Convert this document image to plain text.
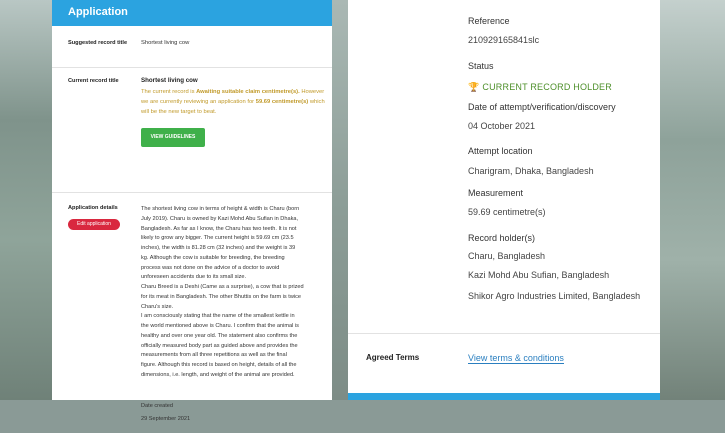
Application
Suggested record title Shortest living cow
Current record title	Shortest living cow
The current record is Awaiting suitable claim centimetre(s). However we are currently reviewing an application for 59.69 centimetre(s) which will be the new target to beat.
VIEW GUIDELINES
Application details
Edit application
The shortest living cow in terms of height & width is Charu (born
July 2019). Charu is owned by Kazi Mohd Abu Sufian in Dhaka,
Bangladesh. As far as I know, the Charu has two teeth. It is not
likely to grow any bigger. The current height is 59.69 cm (23.5
inches), the width is 81.28 cm (32 inches) and the weight is 39
kg. Although the cow is suitable for breeding, the breeding
process was not done on the advice of a doctor to avoid
unforeseen accidents due to its small size.
Charu Breed is a Deshi (Came as a surprise), a cow that is prized
for its meat in Bangladesh. The other Bhuttis on the farm is twice
Charu's size.
I am consciously stating that the name of the smallest kettle in
the world mentioned above is Charu. I confirm that the animal is
healthy and over one year old. The statement also confirms the
officially measured body part as guided above and provides the
measurements from all three repetitions as well as the final
figure. Although this record is based on height, details of all the
dimensions, i.e. length, and weight of the animal are provided.
Date created
29 September 2021
Reference
210929165841slc
Status
🏆 CURRENT RECORD HOLDER
Date of attempt/verification/discovery
04 October 2021
Attempt location
Charigram, Dhaka, Bangladesh
Measurement
59.69 centimetre(s)
Record holder(s)
Charu, Bangladesh
Kazi Mohd Abu Sufian, Bangladesh
Shikor Agro Industries Limited, Bangladesh
Agreed Terms	View terms & conditions
